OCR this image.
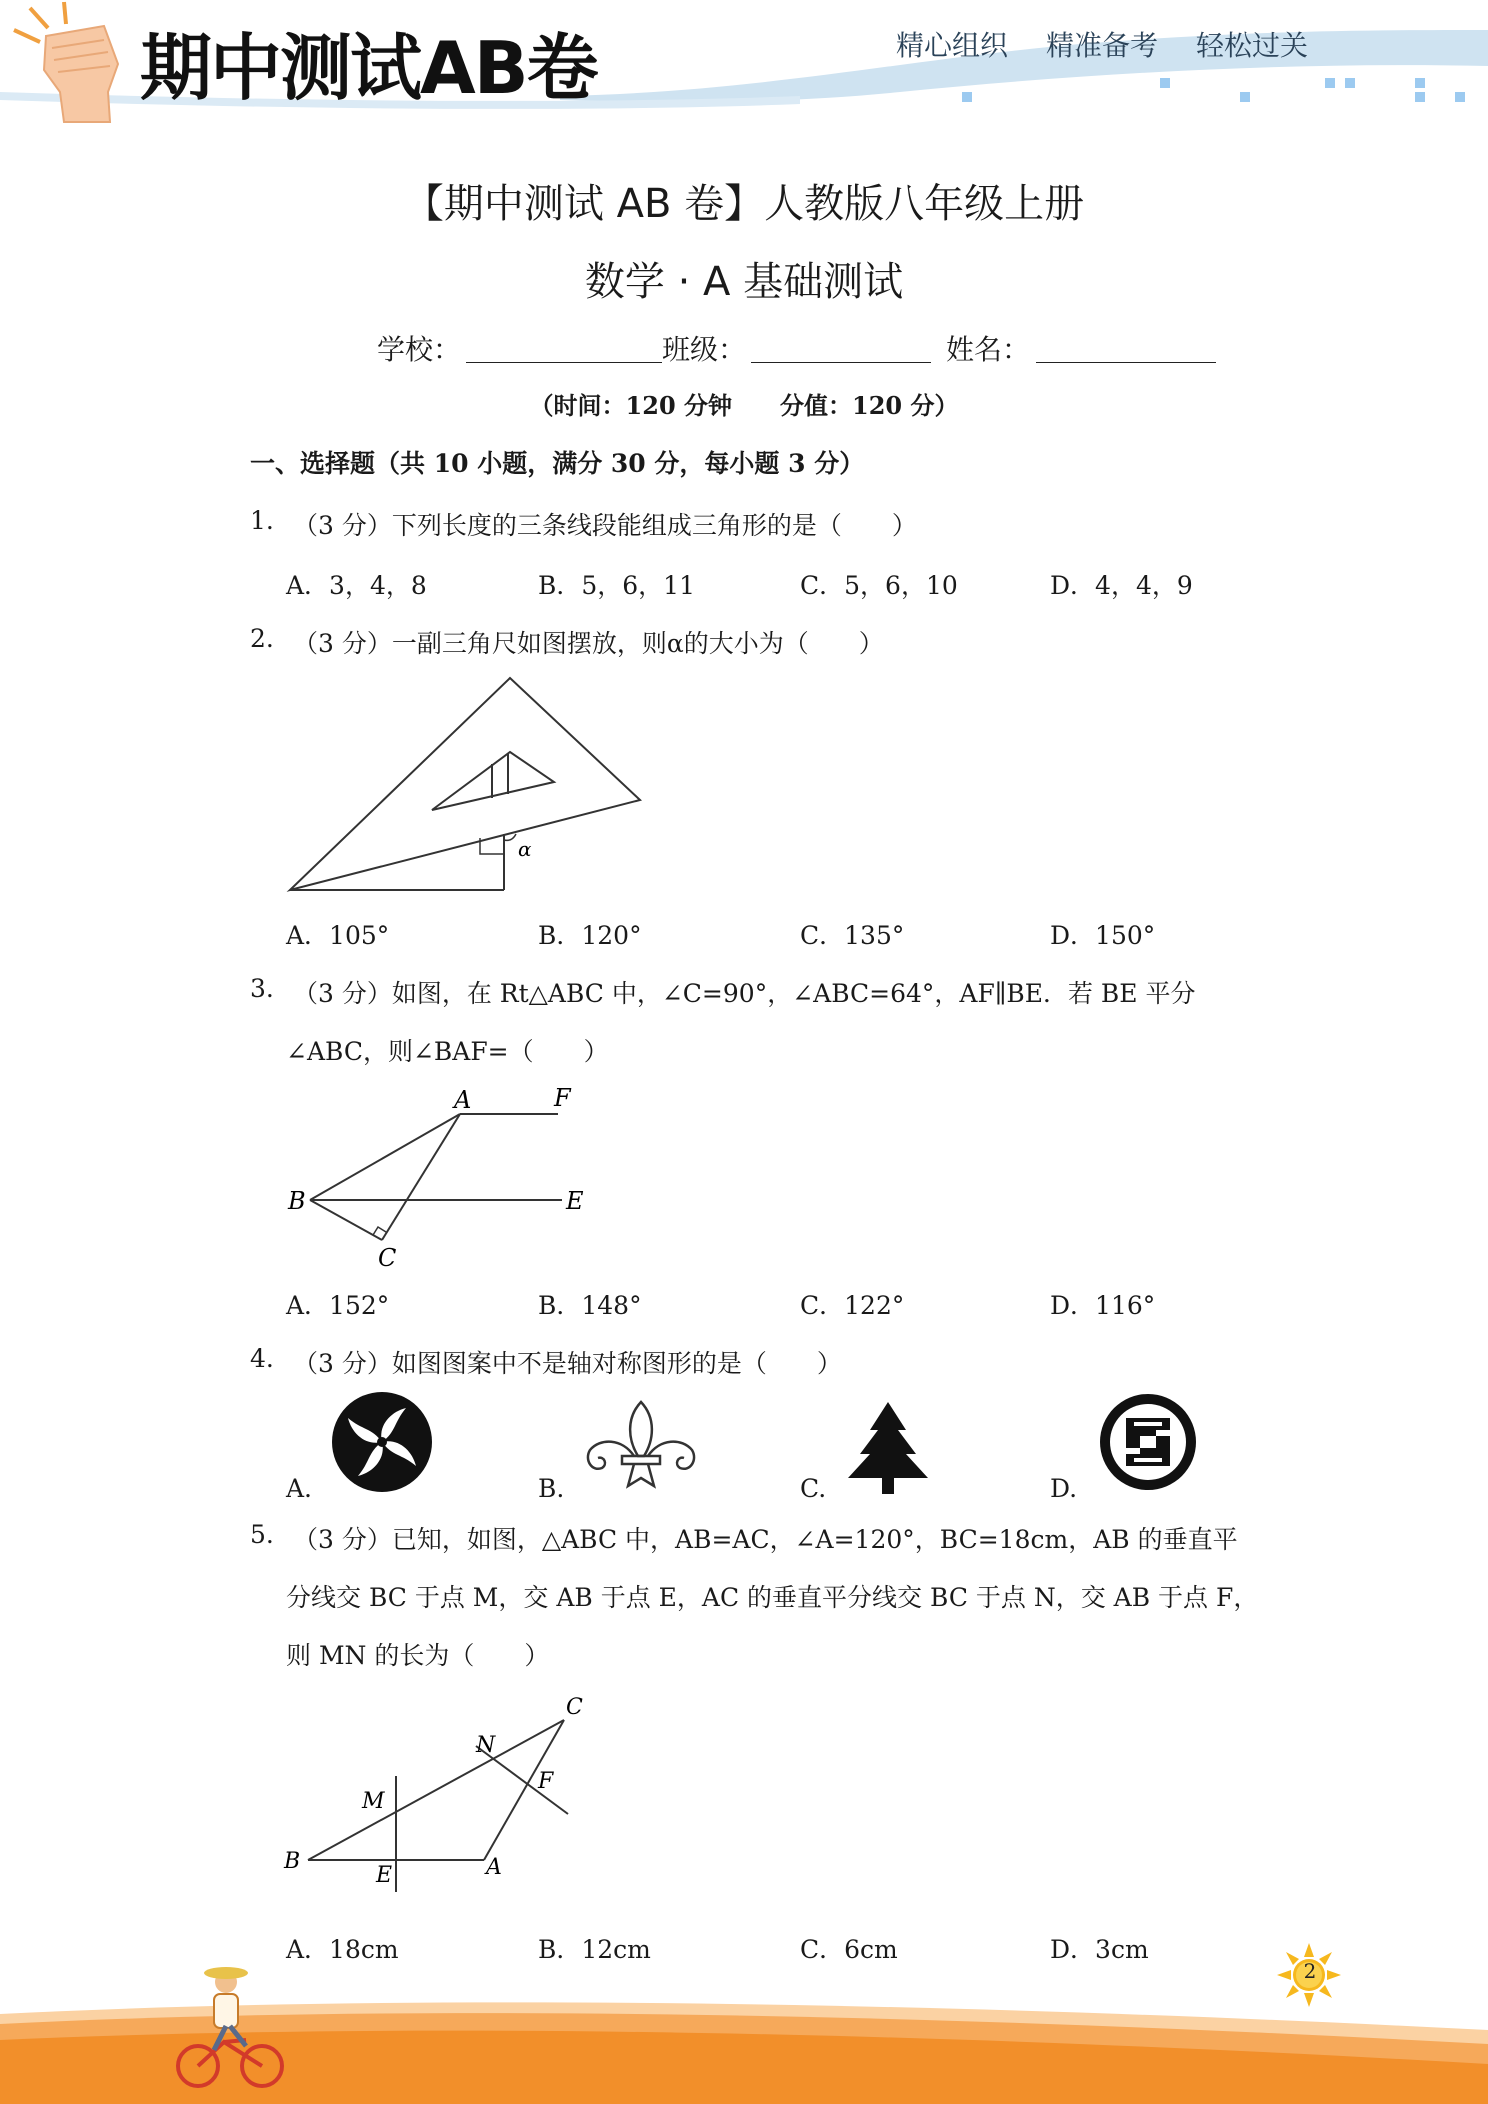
期中测试AB卷	精心组织 精准备考 轻松过关
【期中测试 AB 卷】人教版八年级上册
数学 · A 基础测试
学校：	班级：	姓名：
（时间：120 分钟　　分值：120 分）
一、选择题（共 10 小题，满分 30 分，每小题 3 分）
1. （3 分）下列长度的三条线段能组成三角形的是（　　）
A．3，4，8	B．5，6，11	C．5，6，10	D．4，4，9
2. （3 分）一副三角尺如图摆放，则α的大小为（　　）
α
A．105°	B．120°	C．135°	D．150°
3. （3 分）如图，在 Rt△ABC 中，∠C=90°，∠ABC=64°，AF∥BE．若 BE 平分
∠ABC，则∠BAF=（　　）
A	F
B	E
C
A．152°	B．148°	C．122°	D．116°
4. （3 分）如图图案中不是轴对称图形的是（　　）
A.	B.	C.	D.
5. （3 分）已知，如图，△ABC 中，AB=AC，∠A=120°，BC=18cm，AB 的垂直平
分线交 BC 于点 M，交 AB 于点 E，AC 的垂直平分线交 BC 于点 N，交 AB 于点 F，
则 MN 的长为（　　）
C
N
F
M
B
E	A
A．18cm	B．12cm	C．6cm	D．3cm
2
